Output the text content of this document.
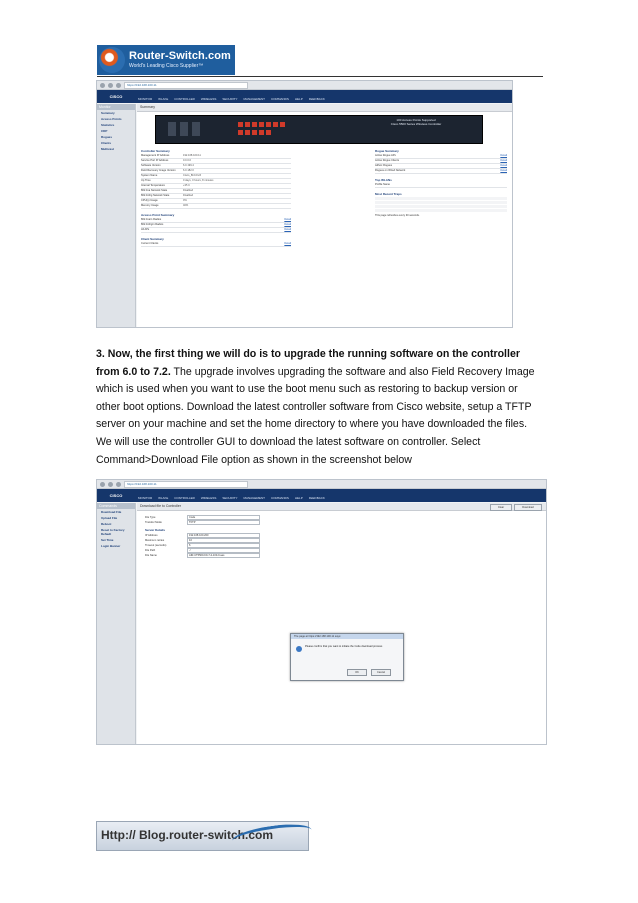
Router-Switch.com
World's Leading Cisco Supplier™
https://192.168.100.11
CISCO	MONITOR	WLANs	CONTROLLER	WIRELESS	SECURITY	MANAGEMENT	COMMANDS	HELP	FEEDBACK
Monitor
Summary
Access Points
Statistics
CDP
Rogues
Clients
Multicast
Summary
100 Access Points Supported
Cisco 5500 Series Wireless Controller
Controller Summary
Management IP Address	192.168.100.11
Service Port IP Address	0.0.0.0
Software Version	6.0.199.4
Field Recovery Image Version	6.0.182.0
System Name	Cisco_8b:b0:e5
Up Time	0 days, 0 hours, 8 minutes
Internal Temperature	+35 C
802.11a Network State	Disabled
802.11b/g Network State	Disabled
CPU(s) Usage	0%
Memory Usage	40%
Access Point Summary
802.11a/n Radios	Detail
802.11b/g/n Radios	Detail
All APs	Detail
Client Summary
Current Clients	Detail
Rogue Summary
Active Rogue APs	Detail
Active Rogue Clients	Detail
Adhoc Rogues	Detail
Rogues on Wired Network	Detail
Top WLANs
Profile Name
Most Recent Traps
This page refreshes every 30 seconds.

3. Now, the first thing we will do is to upgrade the running software on the controller from 6.0 to 7.2. The upgrade involves upgrading the software and also Field Recovery Image which is used when you want to use the boot menu such as restoring to backup version or other boot options. Download the latest controller software from Cisco website, setup a TFTP server on your machine and set the home directory to where you have downloaded the files. We will use the controller GUI to download the latest software on controller. Select Command>Download File option as shown in the screenshot below

https://192.168.100.11
CISCO	MONITOR	WLANs	CONTROLLER	WIRELESS	SECURITY	MANAGEMENT	COMMANDS	HELP	FEEDBACK
Commands
Download File
Upload File
Reboot
Reset to Factory Default
Set Time
Login Banner
Download file to Controller	Clear	Download
File Type	Code
Transfer Mode	TFTP
Server Details
IP Address	192.168.100.200
Maximum retries	10
Timeout (seconds)	6
File Path	./
File Name	AIR-CT5500-K9-7-2-103-0.aes
The page at https://192.168.100.11 says:
Please confirm that you want to initiate the Code download process
OK	Cancel
Http:// Blog.router-switch.com
